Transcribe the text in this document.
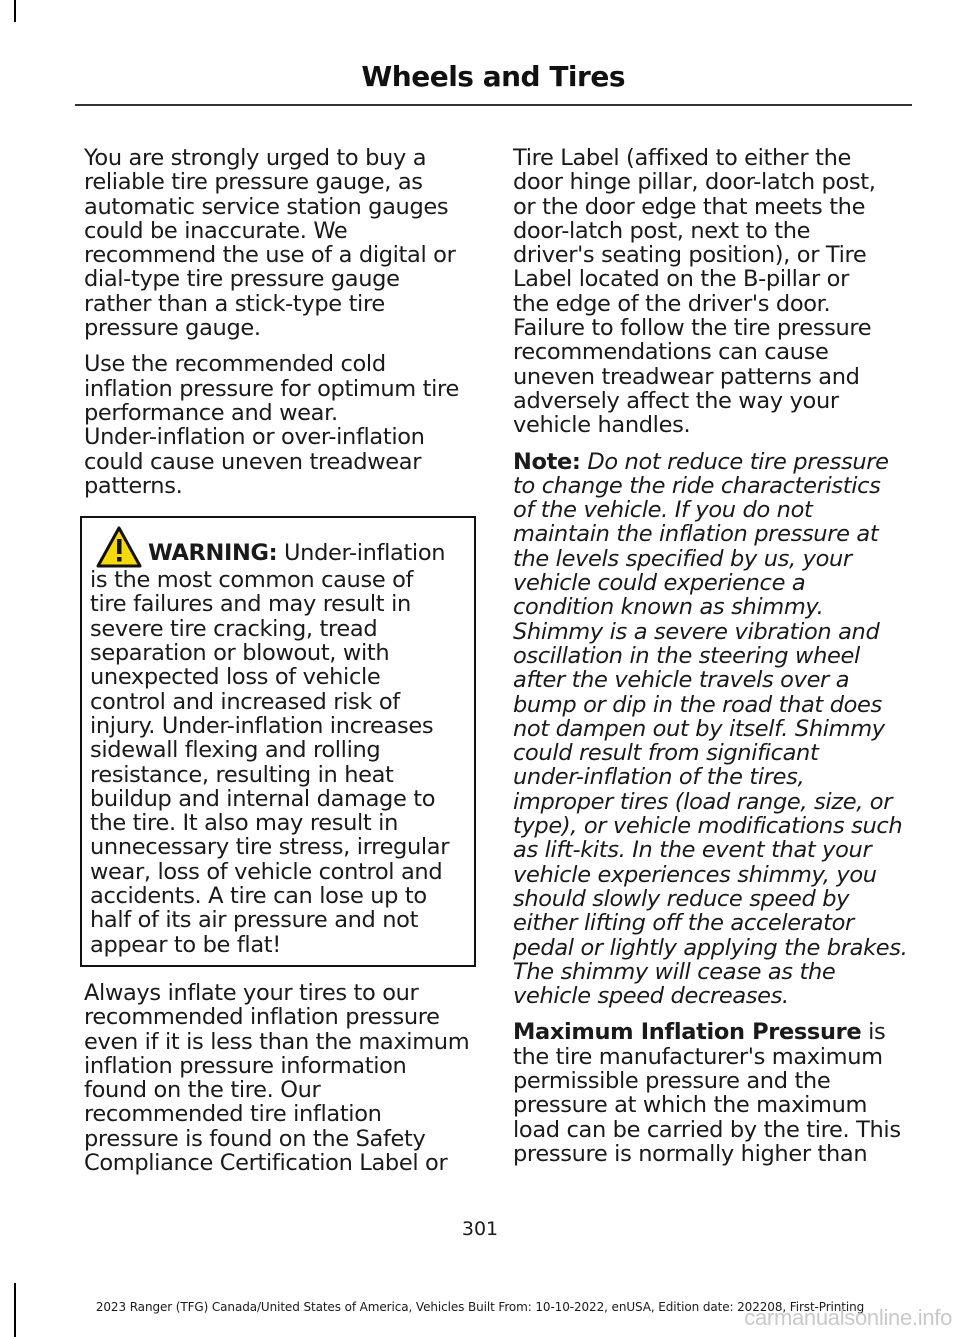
Wheels and Tires

You are strongly urged to buy a
reliable tire pressure gauge, as
automatic service station gauges
could be inaccurate. We
recommend the use of a digital or
dial-type tire pressure gauge
rather than a stick-type tire
pressure gauge.

Use the recommended cold
inflation pressure for optimum tire
performance and wear.
Under-inflation or over-inflation
could cause uneven treadwear
patterns.

WARNING: Under-inflation
is the most common cause of
tire failures and may result in
severe tire cracking, tread
separation or blowout, with
unexpected loss of vehicle
control and increased risk of
injury. Under-inflation increases
sidewall flexing and rolling
resistance, resulting in heat
buildup and internal damage to
the tire. It also may result in
unnecessary tire stress, irregular
wear, loss of vehicle control and
accidents. A tire can lose up to
half of its air pressure and not
appear to be flat!

Always inflate your tires to our
recommended inflation pressure
even if it is less than the maximum
inflation pressure information
found on the tire. Our
recommended tire inflation
pressure is found on the Safety
Compliance Certification Label or

Tire Label (affixed to either the
door hinge pillar, door-latch post,
or the door edge that meets the
door-latch post, next to the
driver's seating position), or Tire
Label located on the B-pillar or
the edge of the driver's door.
Failure to follow the tire pressure
recommendations can cause
uneven treadwear patterns and
adversely affect the way your
vehicle handles.

Note: Do not reduce tire pressure
to change the ride characteristics
of the vehicle. If you do not
maintain the inflation pressure at
the levels specified by us, your
vehicle could experience a
condition known as shimmy.
Shimmy is a severe vibration and
oscillation in the steering wheel
after the vehicle travels over a
bump or dip in the road that does
not dampen out by itself. Shimmy
could result from significant
under-inflation of the tires,
improper tires (load range, size, or
type), or vehicle modifications such
as lift-kits. In the event that your
vehicle experiences shimmy, you
should slowly reduce speed by
either lifting off the accelerator
pedal or lightly applying the brakes.
The shimmy will cease as the
vehicle speed decreases.

Maximum Inflation Pressure is
the tire manufacturer's maximum
permissible pressure and the
pressure at which the maximum
load can be carried by the tire. This
pressure is normally higher than

301
2023 Ranger (TFG) Canada/United States of America, Vehicles Built From: 10-10-2022, enUSA, Edition date: 202208, First-Printing
carmanualsonline.info
